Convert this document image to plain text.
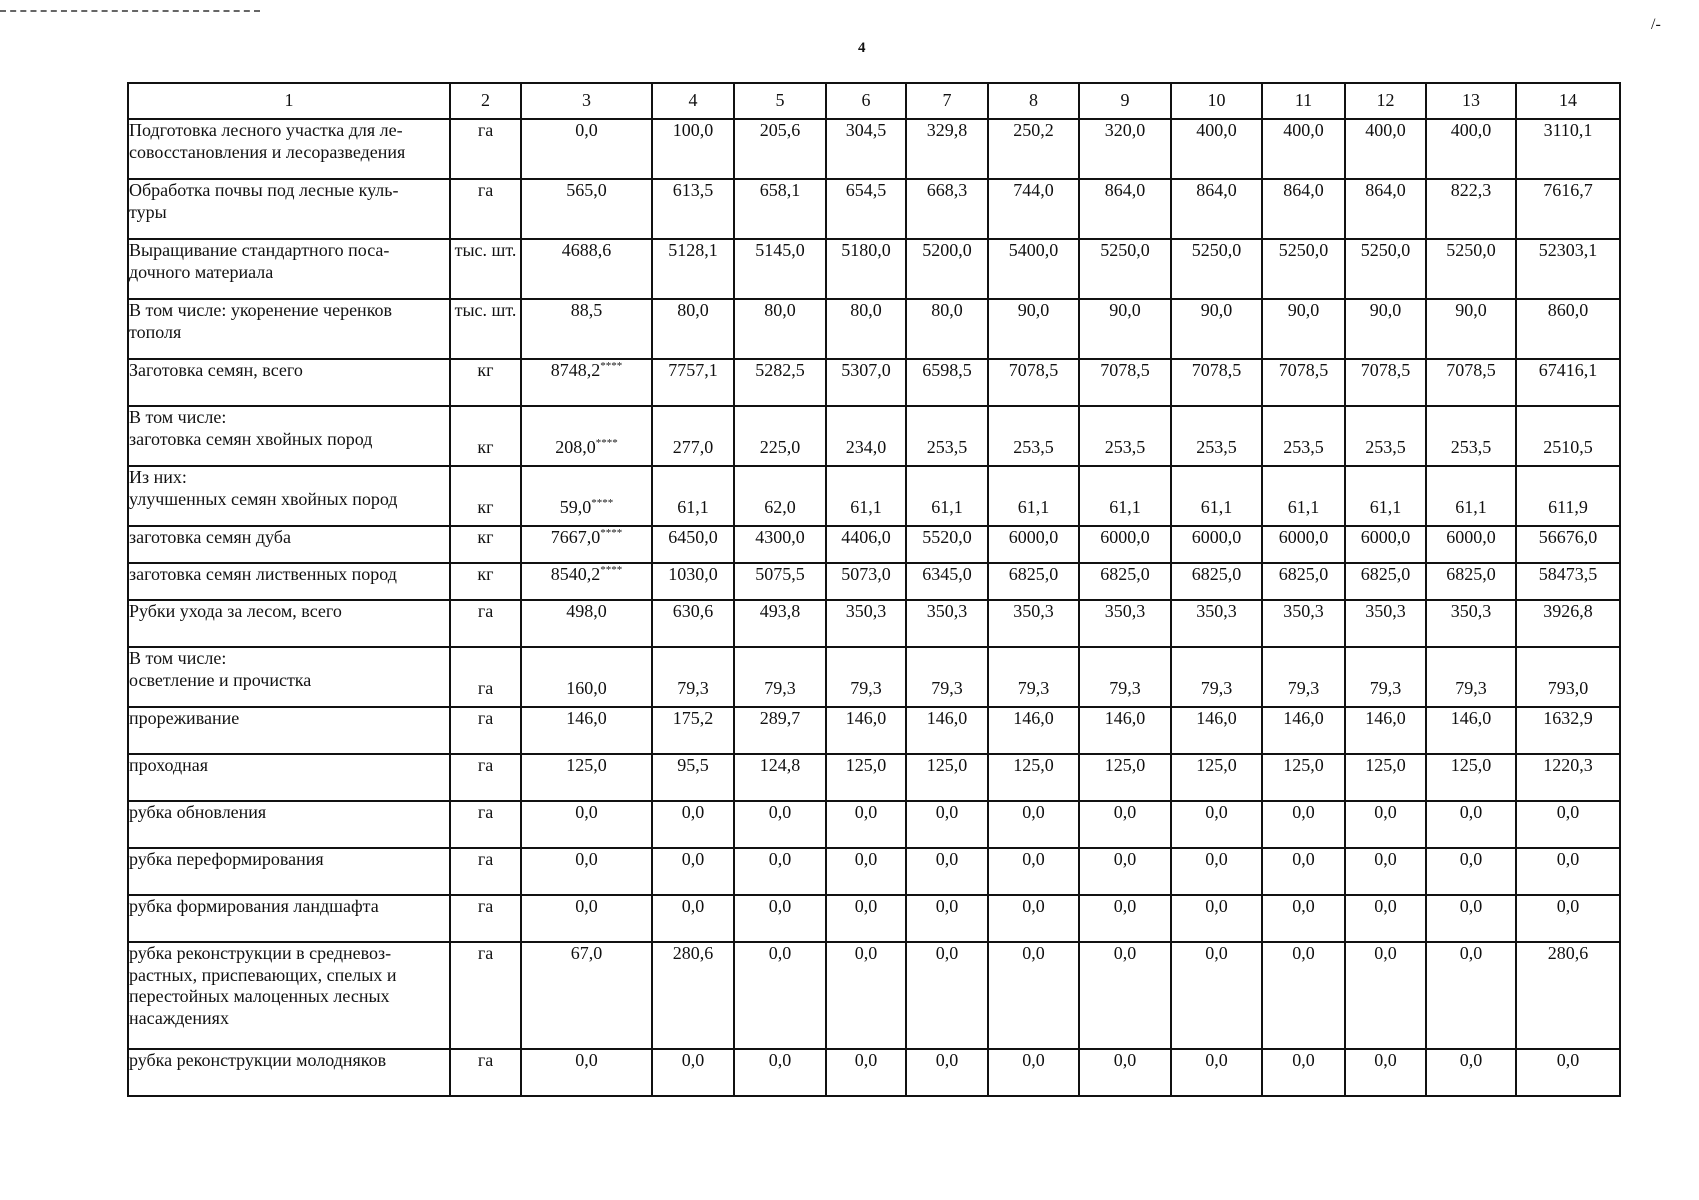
4
/-
1	2	3	4	5	6	7	8	9	10	11	12	13	14

Подготовка лесного участка для ле-
совосстановления и лесоразведения	га	0,0	100,0	205,6	304,5	329,8	250,2	320,0	400,0	400,0	400,0	400,0	3110,1

Обработка почвы под лесные куль-
туры	га	565,0	613,5	658,1	654,5	668,3	744,0	864,0	864,0	864,0	864,0	822,3	7616,7

Выращивание стандартного поса-
дочного материала	тыс. шт.	4688,6	5128,1	5145,0	5180,0	5200,0	5400,0	5250,0	5250,0	5250,0	5250,0	5250,0	52303,1

В том числе: укоренение черенков
тополя	тыс. шт.	88,5	80,0	80,0	80,0	80,0	90,0	90,0	90,0	90,0	90,0	90,0	860,0

Заготовка семян, всего	кг	8748,2****	7757,1	5282,5	5307,0	6598,5	7078,5	7078,5	7078,5	7078,5	7078,5	7078,5	67416,1

В том числе:
заготовка семян хвойных пород	кг	208,0****	277,0	225,0	234,0	253,5	253,5	253,5	253,5	253,5	253,5	253,5	2510,5

Из них:
улучшенных семян хвойных пород	кг	59,0****	61,1	62,0	61,1	61,1	61,1	61,1	61,1	61,1	61,1	61,1	611,9

заготовка семян дуба	кг	7667,0****	6450,0	4300,0	4406,0	5520,0	6000,0	6000,0	6000,0	6000,0	6000,0	6000,0	56676,0

заготовка семян лиственных пород	кг	8540,2****	1030,0	5075,5	5073,0	6345,0	6825,0	6825,0	6825,0	6825,0	6825,0	6825,0	58473,5

Рубки ухода за лесом, всего	га	498,0	630,6	493,8	350,3	350,3	350,3	350,3	350,3	350,3	350,3	350,3	3926,8

В том числе:
осветление и прочистка	га	160,0	79,3	79,3	79,3	79,3	79,3	79,3	79,3	79,3	79,3	79,3	793,0

прореживание	га	146,0	175,2	289,7	146,0	146,0	146,0	146,0	146,0	146,0	146,0	146,0	1632,9

проходная	га	125,0	95,5	124,8	125,0	125,0	125,0	125,0	125,0	125,0	125,0	125,0	1220,3

рубка обновления	га	0,0	0,0	0,0	0,0	0,0	0,0	0,0	0,0	0,0	0,0	0,0	0,0

рубка переформирования	га	0,0	0,0	0,0	0,0	0,0	0,0	0,0	0,0	0,0	0,0	0,0	0,0

рубка формирования ландшафта	га	0,0	0,0	0,0	0,0	0,0	0,0	0,0	0,0	0,0	0,0	0,0	0,0

рубка реконструкции в средневоз-
растных, приспевающих, спелых и
перестойных малоценных лесных
насаждениях	га	67,0	280,6	0,0	0,0	0,0	0,0	0,0	0,0	0,0	0,0	0,0	280,6

рубка реконструкции молодняков	га	0,0	0,0	0,0	0,0	0,0	0,0	0,0	0,0	0,0	0,0	0,0	0,0
